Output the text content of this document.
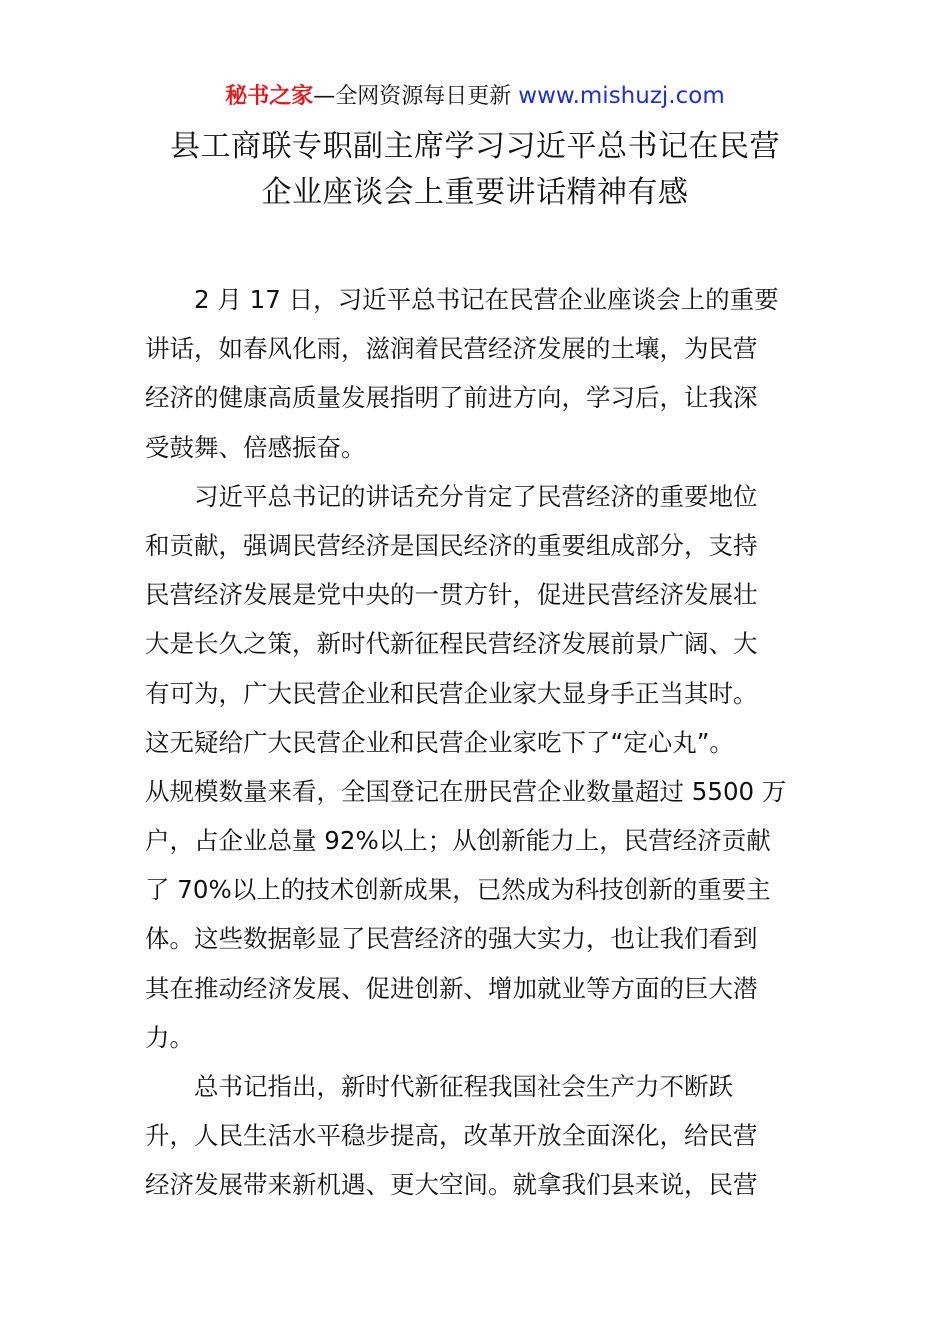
秘书之家—全网资源每日更新 www.mishuzj.com
县工商联专职副主席学习习近平总书记在民营
企业座谈会上重要讲话精神有感
2 月 17 日，习近平总书记在民营企业座谈会上的重要
讲话，如春风化雨，滋润着民营经济发展的土壤，为民营
经济的健康高质量发展指明了前进方向，学习后，让我深
受鼓舞、倍感振奋。
习近平总书记的讲话充分肯定了民营经济的重要地位
和贡献，强调民营经济是国民经济的重要组成部分，支持
民营经济发展是党中央的一贯方针，促进民营经济发展壮
大是长久之策，新时代新征程民营经济发展前景广阔、大
有可为，广大民营企业和民营企业家大显身手正当其时。
这无疑给广大民营企业和民营企业家吃下了“定心丸”。
从规模数量来看，全国登记在册民营企业数量超过 5500 万
户，占企业总量 92%以上；从创新能力上，民营经济贡献
了 70%以上的技术创新成果，已然成为科技创新的重要主
体。这些数据彰显了民营经济的强大实力，也让我们看到
其在推动经济发展、促进创新、增加就业等方面的巨大潜
力。
总书记指出，新时代新征程我国社会生产力不断跃
升，人民生活水平稳步提高，改革开放全面深化，给民营
经济发展带来新机遇、更大空间。就拿我们县来说，民营
